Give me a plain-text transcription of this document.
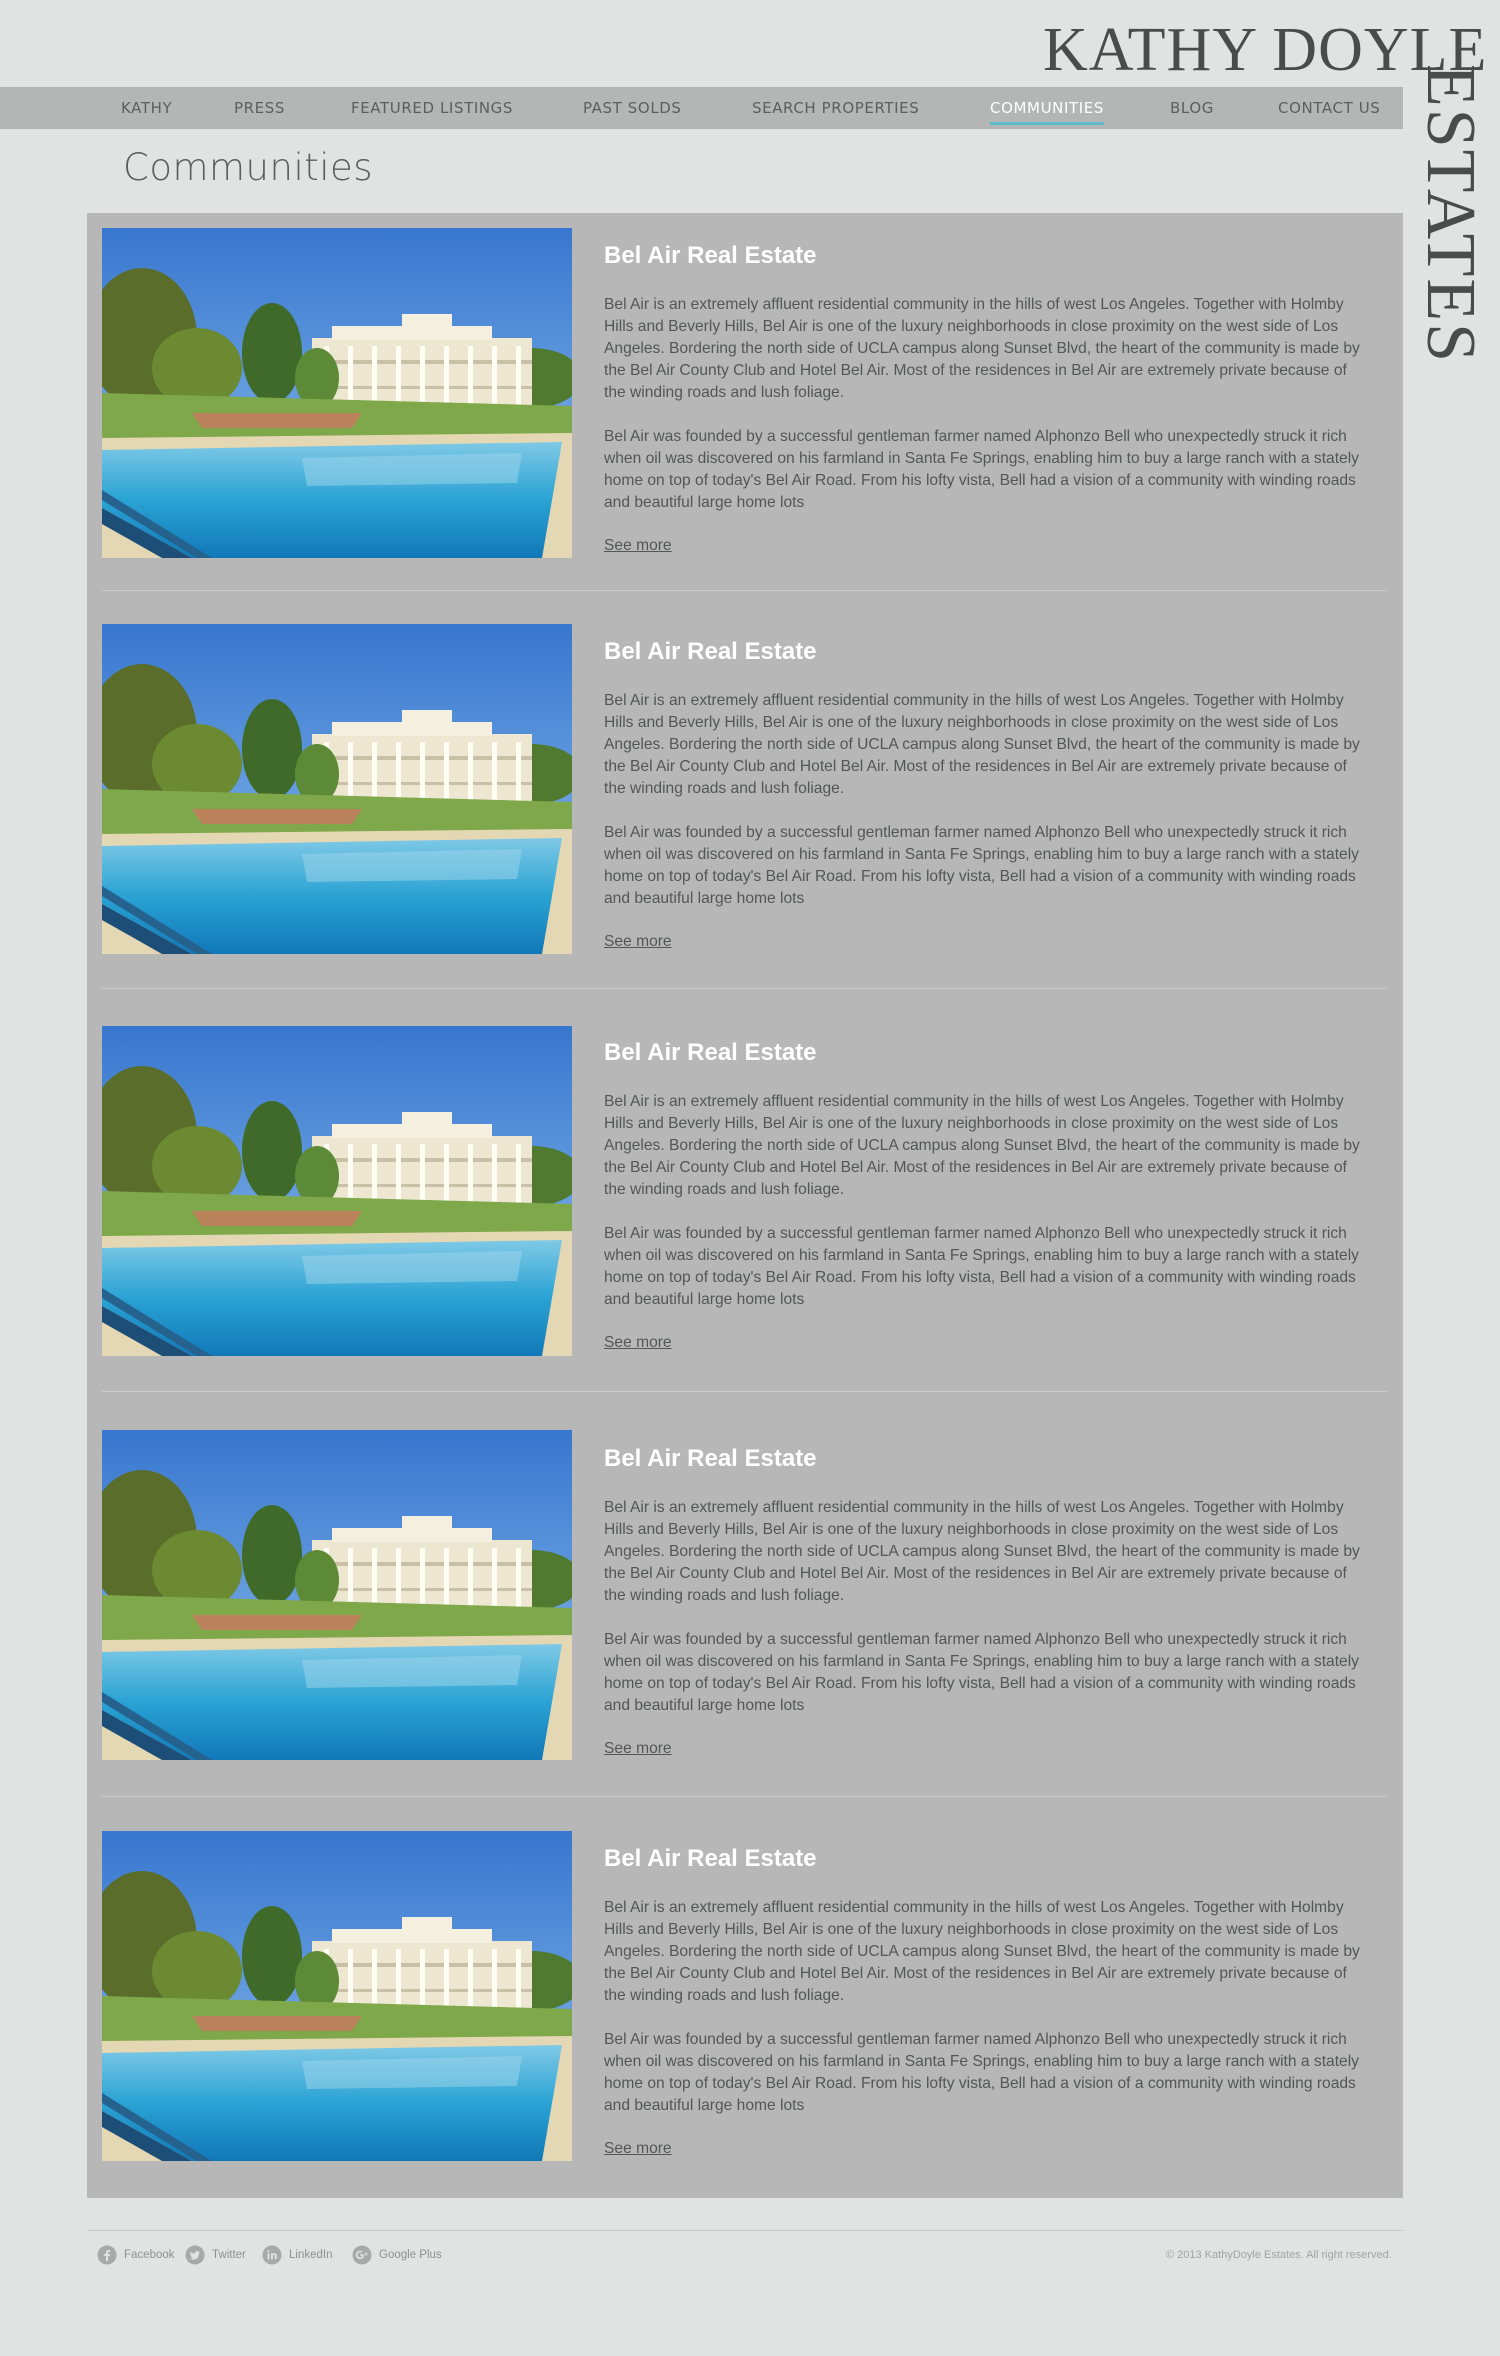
KATHY DOYLE
ESTATES
KATHY	PRESS	FEATURED LISTINGS	PAST SOLDS	SEARCH PROPERTIES	COMMUNITIES	BLOG	CONTACT US
Communities
Bel Air Real Estate

Bel Air is an extremely affluent residential community in the hills of west Los Angeles. Together with Holmby Hills and Beverly Hills, Bel Air is one of the luxury neighborhoods in close proximity on the west side of Los Angeles. Bordering the north side of UCLA campus along Sunset Blvd, the heart of the community is made by the Bel Air County Club and Hotel Bel Air. Most of the residences in Bel Air are extremely private because of the winding roads and lush foliage.

Bel Air was founded by a successful gentleman farmer named Alphonzo Bell who unexpectedly struck it rich when oil was discovered on his farmland in Santa Fe Springs, enabling him to buy a large ranch with a stately home on top of today's Bel Air Road. From his lofty vista, Bell had a vision of a community with winding roads and beautiful large home lots

See more
Bel Air Real Estate

Bel Air is an extremely affluent residential community in the hills of west Los Angeles. Together with Holmby Hills and Beverly Hills, Bel Air is one of the luxury neighborhoods in close proximity on the west side of Los Angeles. Bordering the north side of UCLA campus along Sunset Blvd, the heart of the community is made by the Bel Air County Club and Hotel Bel Air. Most of the residences in Bel Air are extremely private because of the winding roads and lush foliage.

Bel Air was founded by a successful gentleman farmer named Alphonzo Bell who unexpectedly struck it rich when oil was discovered on his farmland in Santa Fe Springs, enabling him to buy a large ranch with a stately home on top of today's Bel Air Road. From his lofty vista, Bell had a vision of a community with winding roads and beautiful large home lots

See more
Bel Air Real Estate

Bel Air is an extremely affluent residential community in the hills of west Los Angeles. Together with Holmby Hills and Beverly Hills, Bel Air is one of the luxury neighborhoods in close proximity on the west side of Los Angeles. Bordering the north side of UCLA campus along Sunset Blvd, the heart of the community is made by the Bel Air County Club and Hotel Bel Air. Most of the residences in Bel Air are extremely private because of the winding roads and lush foliage.

Bel Air was founded by a successful gentleman farmer named Alphonzo Bell who unexpectedly struck it rich when oil was discovered on his farmland in Santa Fe Springs, enabling him to buy a large ranch with a stately home on top of today's Bel Air Road. From his lofty vista, Bell had a vision of a community with winding roads and beautiful large home lots

See more
Bel Air Real Estate

Bel Air is an extremely affluent residential community in the hills of west Los Angeles. Together with Holmby Hills and Beverly Hills, Bel Air is one of the luxury neighborhoods in close proximity on the west side of Los Angeles. Bordering the north side of UCLA campus along Sunset Blvd, the heart of the community is made by the Bel Air County Club and Hotel Bel Air. Most of the residences in Bel Air are extremely private because of the winding roads and lush foliage.

Bel Air was founded by a successful gentleman farmer named Alphonzo Bell who unexpectedly struck it rich when oil was discovered on his farmland in Santa Fe Springs, enabling him to buy a large ranch with a stately home on top of today's Bel Air Road. From his lofty vista, Bell had a vision of a community with winding roads and beautiful large home lots

See more
Bel Air Real Estate

Bel Air is an extremely affluent residential community in the hills of west Los Angeles. Together with Holmby Hills and Beverly Hills, Bel Air is one of the luxury neighborhoods in close proximity on the west side of Los Angeles. Bordering the north side of UCLA campus along Sunset Blvd, the heart of the community is made by the Bel Air County Club and Hotel Bel Air. Most of the residences in Bel Air are extremely private because of the winding roads and lush foliage.

Bel Air was founded by a successful gentleman farmer named Alphonzo Bell who unexpectedly struck it rich when oil was discovered on his farmland in Santa Fe Springs, enabling him to buy a large ranch with a stately home on top of today's Bel Air Road. From his lofty vista, Bell had a vision of a community with winding roads and beautiful large home lots

See more
Facebook	Twitter	LinkedIn	Google Plus	© 2013 KathyDoyle Estates. All right reserved.
